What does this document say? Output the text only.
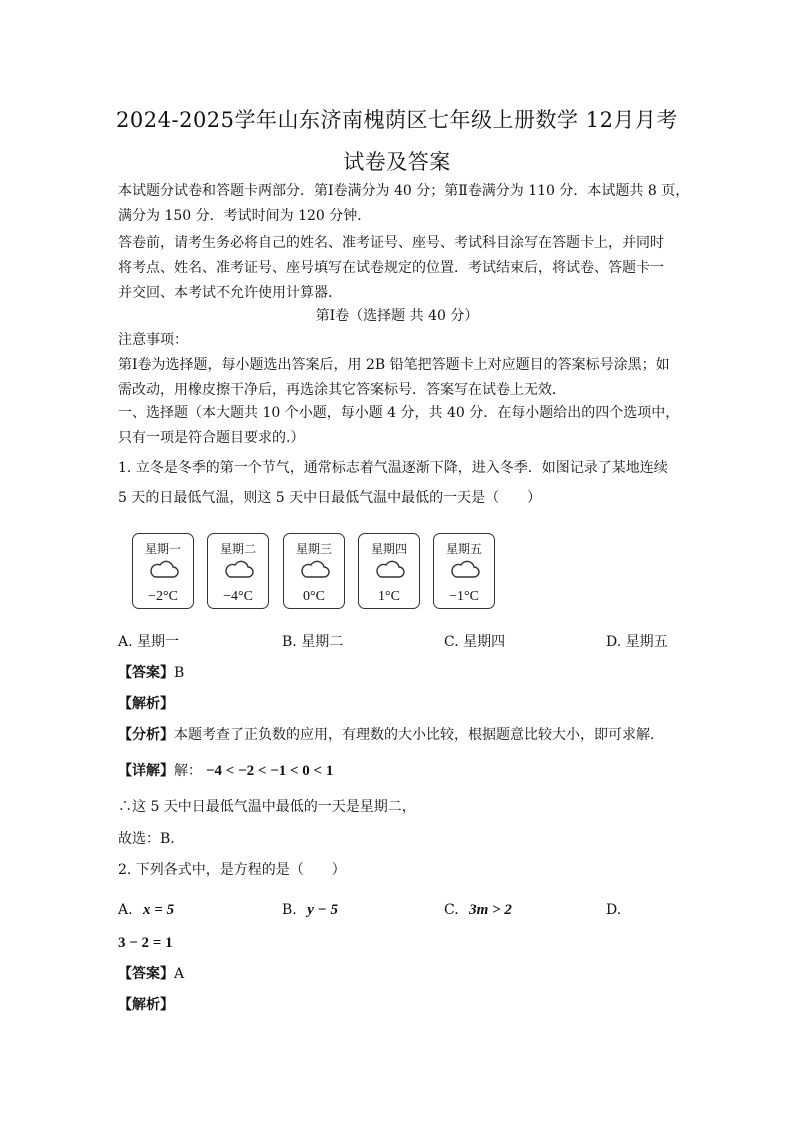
2024-2025学年山东济南槐荫区七年级上册数学 12月月考
试卷及答案
本试题分试卷和答题卡两部分．第Ⅰ卷满分为 40 分；第Ⅱ卷满分为 110 分．本试题共 8 页，
满分为 150 分．考试时间为 120 分钟．
答卷前，请考生务必将自己的姓名、准考证号、座号、考试科目涂写在答题卡上，并同时
将考点、姓名、准考证号、座号填写在试卷规定的位置．考试结束后，将试卷、答题卡一
并交回、本考试不允许使用计算器．
第Ⅰ卷（选择题 共 40 分）
注意事项：
第Ⅰ卷为选择题，每小题选出答案后，用 2B 铅笔把答题卡上对应题目的答案标号涂黑；如
需改动，用橡皮擦干净后，再选涂其它答案标号．答案写在试卷上无效．
一、选择题（本大题共 10 个小题，每小题 4 分，共 40 分．在每小题给出的四个选项中，
只有一项是符合题目要求的.）
1. 立冬是冬季的第一个节气，通常标志着气温逐渐下降，进入冬季．如图记录了某地连续
5 天的日最低气温，则这 5 天中日最低气温中最低的一天是（　　）
星期一
−2°C
星期二
−4°C
星期三
0°C
星期四
1°C
星期五
−1°C
A. 星期一	B. 星期二	C. 星期四	D. 星期五
【答案】B
【解析】
【分析】本题考查了正负数的应用，有理数的大小比较，根据题意比较大小，即可求解．
【详解】解： −4 < −2 < −1 < 0 < 1
∴这 5 天中日最低气温中最低的一天是星期二，
故选：B．
2. 下列各式中，是方程的是（　　）
A. x = 5	B. y − 5	C. 3m > 2	D.
3 − 2 = 1
【答案】A
【解析】
